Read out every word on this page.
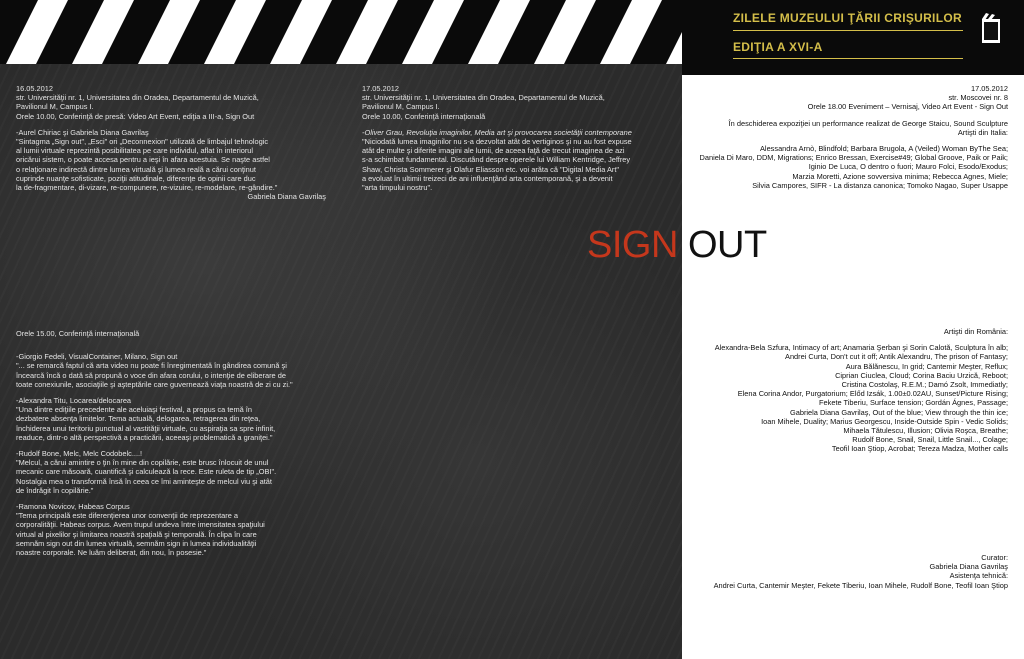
ZILELE MUZEULUI ŢĂRII CRIŞURILOR
EDIŢIA A XVI-A

16.05.2012

str. Universităţii nr. 1, Universitatea din Oradea, Departamentul de Muzică,

Pavilionul M, Campus I.

Orele 10.00, Conferinţă de presă: Video Art Event, ediţia a III-a, Sign Out

-Aurel Chiriac şi Gabriela Diana Gavrilaş

"Sintagma „Sign out", „Esci" ori „Deconnexion" utilizată de limbajul tehnologic

al lumii virtuale reprezintă posibilitatea pe care individul, aflat în interiorul

oricărui sistem, o poate accesa pentru a ieşi în afara acestuia. Se naşte astfel

o relaţionare indirectă dintre lumea virtuală şi lumea reală a cărui conţinut

cuprinde nuanţe sofisticate, poziţii atitudinale, diferenţe de opinii care duc

la de-fragmentare, di-vizare, re-compunere, re-vizuire, re-modelare, re-gândire."

Gabriela Diana Gavrilaş

17.05.2012

str. Universităţii nr. 1, Universitatea din Oradea, Departamentul de Muzică,

Pavilionul M, Campus I.

Orele 10.00, Conferinţă internaţională

-Oliver Grau, Revoluţia imaginilor, Media art şi provocarea societăţii contemporane

"Niciodată lumea imaginilor nu s-a dezvoltat atât de vertiginos şi nu au fost expuse

atât de multe şi diferite imagini ale lumii, de aceea faţă de trecut imaginea de azi

s-a schimbat fundamental. Discutând despre operele lui William Kentridge, Jeffrey

Shaw, Christa Sommerer şi Olafur Eliasson etc. voi arăta că "Digital Media Art"

a evoluat în ultimii treizeci de ani influenţând arta contemporană, şi a devenit

"arta timpului nostru".

Orele 15.00, Conferinţă internaţională

-Giorgio Fedeli, VisualContainer, Milano, Sign out

"... se remarcă faptul că arta video nu poate fi înregimentată în gândirea comună şi

încearcă încă o dată să propună o voce din afara corului, o intenţie de eliberare de

toate conexiunile, asociaţiile şi aşteptările care guvernează viaţa noastră de zi cu zi."

-Alexandra Titu, Locarea/delocarea

"Una dintre ediţiile precedente ale aceluiaşi festival, a propus ca temă în

dezbatere absenţa limitelor. Tema actuală, delogarea, retragerea din reţea,

închiderea unui teritoriu punctual al vastităţii virtuale, cu aspiraţia sa spre infinit,

readuce, dintr-o altă perspectivă a practicării, aceeaşi problematică a graniţei."

-Rudolf Bone, Melc, Melc Codobelc....!

"Melcul, a cărui amintire o ţin în mine din copilărie, este brusc înlocuit de unul

mecanic care măsoară, cuantifică şi calculează la rece. Este ruleta de tip „OBI".

Nostalgia mea o transformă însă în ceea ce îmi aminteşte de melcul viu şi atât

de îndrăgit în copilărie."

-Ramona Novicov, Habeas Corpus

"Tema principală este diferenţierea unor convenţii de reprezentare a

corporalităţii. Habeas corpus. Avem trupul undeva între imensitatea spaţiului

virtual al pixelilor şi limitarea noastră spaţială şi temporală. În clipa în care

semnăm sign out din lumea virtuală, semnăm sign in lumea individualităţii

noastre corporale. Ne luăm deliberat, din nou, în posesie."

SIGN OUT

17.05.2012

str. Moscovei nr. 8

Orele 18.00 Eveniment – Vernisaj, Video Art Event - Sign Out

În deschiderea expoziţiei un performance realizat de George Staicu, Sound Sculpture

Artişti din Italia:

Alessandra Arnò, Blindfold; Barbara Brugola, A (Veiled) Woman ByThe Sea;

Daniela Di Maro, DDM, Migrations; Enrico Bressan, Exercise#49; Global Groove, Paik or Paik;

Iginio De Luca, O dentro o fuori; Mauro Folci, Esodo/Exodus;

Marzia Moretti, Azione sovversiva minima; Rebecca Agnes, Miele;

Silvia Campores, SIFR - La distanza canonica; Tomoko Nagao, Super Usappe

Artişti din România:

Alexandra-Bela Szfura, Intimacy of art; Anamaria Şerban şi Sorin Calotă, Sculptura în alb;

Andrei Curta, Don't cut it off; Antik Alexandru, The prison of Fantasy;

Aura Bălănescu, In grid; Cantemir Meşter, Reflux;

Ciprian Ciuclea, Cloud; Corina Baciu Urzică, Reboot;

Cristina Costolaş, R.E.M.; Damó Zsolt, Immediatly;

Elena Corina Andor, Purgatorium; Előd Izsák, 1.00±0.02AU, Sunset/Picture Rising;

Fekete Tiberiu, Surface tension; Gordán Ágnes, Passage;

Gabriela Diana Gavrilaş, Out of the blue; View through the thin ice;

Ioan Mihele, Duality; Marius Georgescu, Inside-Outside Spin - Vedic Solids;

Mihaela Tătulescu, Illusion; Olivia Roşca, Breathe;

Rudolf Bone, Snail, Snail, Little Snail..., Colage;

Teofil Ioan Ştiop, Acrobat; Tereza Madza, Mother calls

Curator:

Gabriela Diana Gavrilaş

Asistenţa tehnică:

Andrei Curta, Cantemir Meşter, Fekete Tiberiu, Ioan Mihele, Rudolf Bone, Teofil Ioan Ştiop
